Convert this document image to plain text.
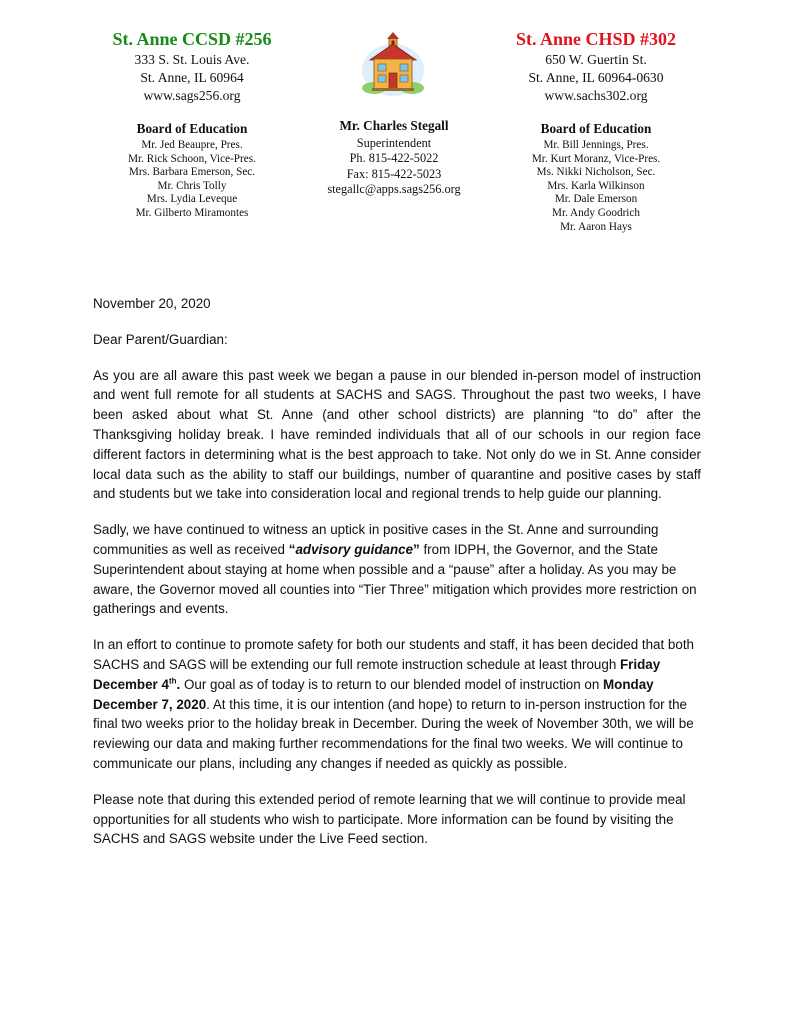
St. Anne CCSD #256
333 S. St. Louis Ave.
St. Anne, IL 60964
www.sags256.org
Board of Education
Mr. Jed Beaupre, Pres.
Mr. Rick Schoon, Vice-Pres.
Mrs. Barbara Emerson, Sec.
Mr. Chris Tolly
Mrs. Lydia Leveque
Mr. Gilberto Miramontes
Mr. Charles Stegall
Superintendent
Ph. 815-422-5022
Fax: 815-422-5023
stegallc@apps.sags256.org
St. Anne CHSD #302
650 W. Guertin St.
St. Anne, IL 60964-0630
www.sachs302.org
Board of Education
Mr. Bill Jennings, Pres.
Mr. Kurt Moranz, Vice-Pres.
Ms. Nikki Nicholson, Sec.
Mrs. Karla Wilkinson
Mr. Dale Emerson
Mr. Andy Goodrich
Mr. Aaron Hays

November 20, 2020

Dear Parent/Guardian:

As you are all aware this past week we began a pause in our blended in-person model of instruction and went full remote for all students at SACHS and SAGS. Throughout the past two weeks, I have been asked about what St. Anne (and other school districts) are planning “to do” after the Thanksgiving holiday break. I have reminded individuals that all of our schools in our region face different factors in determining what is the best approach to take. Not only do we in St. Anne consider local data such as the ability to staff our buildings, number of quarantine and positive cases by staff and students but we take into consideration local and regional trends to help guide our planning.

Sadly, we have continued to witness an uptick in positive cases in the St. Anne and surrounding communities as well as received “advisory guidance” from IDPH, the Governor, and the State Superintendent about staying at home when possible and a “pause” after a holiday. As you may be aware, the Governor moved all counties into “Tier Three” mitigation which provides more restriction on gatherings and events.

In an effort to continue to promote safety for both our students and staff, it has been decided that both SACHS and SAGS will be extending our full remote instruction schedule at least through Friday December 4th. Our goal as of today is to return to our blended model of instruction on Monday December 7, 2020. At this time, it is our intention (and hope) to return to in-person instruction for the final two weeks prior to the holiday break in December. During the week of November 30th, we will be reviewing our data and making further recommendations for the final two weeks. We will continue to communicate our plans, including any changes if needed as quickly as possible.

Please note that during this extended period of remote learning that we will continue to provide meal opportunities for all students who wish to participate. More information can be found by visiting the SACHS and SAGS website under the Live Feed section.
